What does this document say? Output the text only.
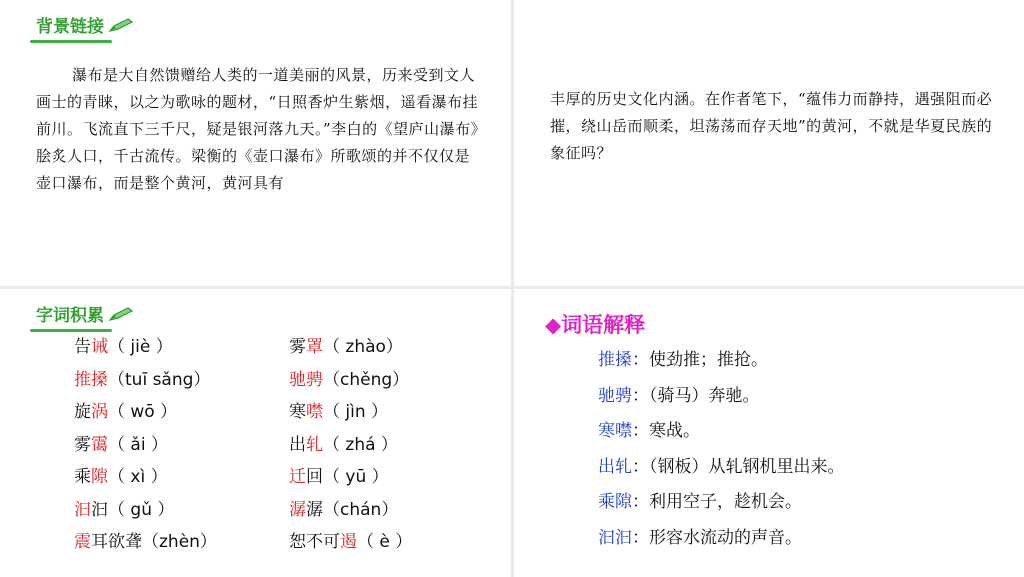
背景链接
瀑布是大自然馈赠给人类的一道美丽的风景，历来受到文人画士的青睐，以之为歌咏的题材，“日照香炉生紫烟，遥看瀑布挂前川。飞流直下三千尺，疑是银河落九天。”李白的《望庐山瀑布》脍炙人口，千古流传。梁衡的《壶口瀑布》所歌颂的并不仅仅是壶口瀑布，而是整个黄河，黄河具有
丰厚的历史文化内涵。在作者笔下，“蕴伟力而静持，遇强阻而必摧，绕山岳而顺柔，坦荡荡而存天地”的黄河，不就是华夏民族的象征吗？
字词积累
告诫（ jiè ）
推搡（tuī sǎng）
旋涡（ wō ）
雾霭（ ǎi ）
乘隙（ xì ）
汩汩（ gǔ ）
震耳欲聋（zhèn）
雾罩（ zhào）
驰骋（chěng）
寒噤（ jìn ）
出轧（ zhá ）
迁回（ yū ）
潺潺（chán）
恕不可遏（ è ）
◆词语解释
推搡：使劲推；推抢。
驰骋：（骑马）奔驰。
寒噤：寒战。
出轧：（钢板）从轧钢机里出来。
乘隙：利用空子，趁机会。
汩汩：形容水流动的声音。
